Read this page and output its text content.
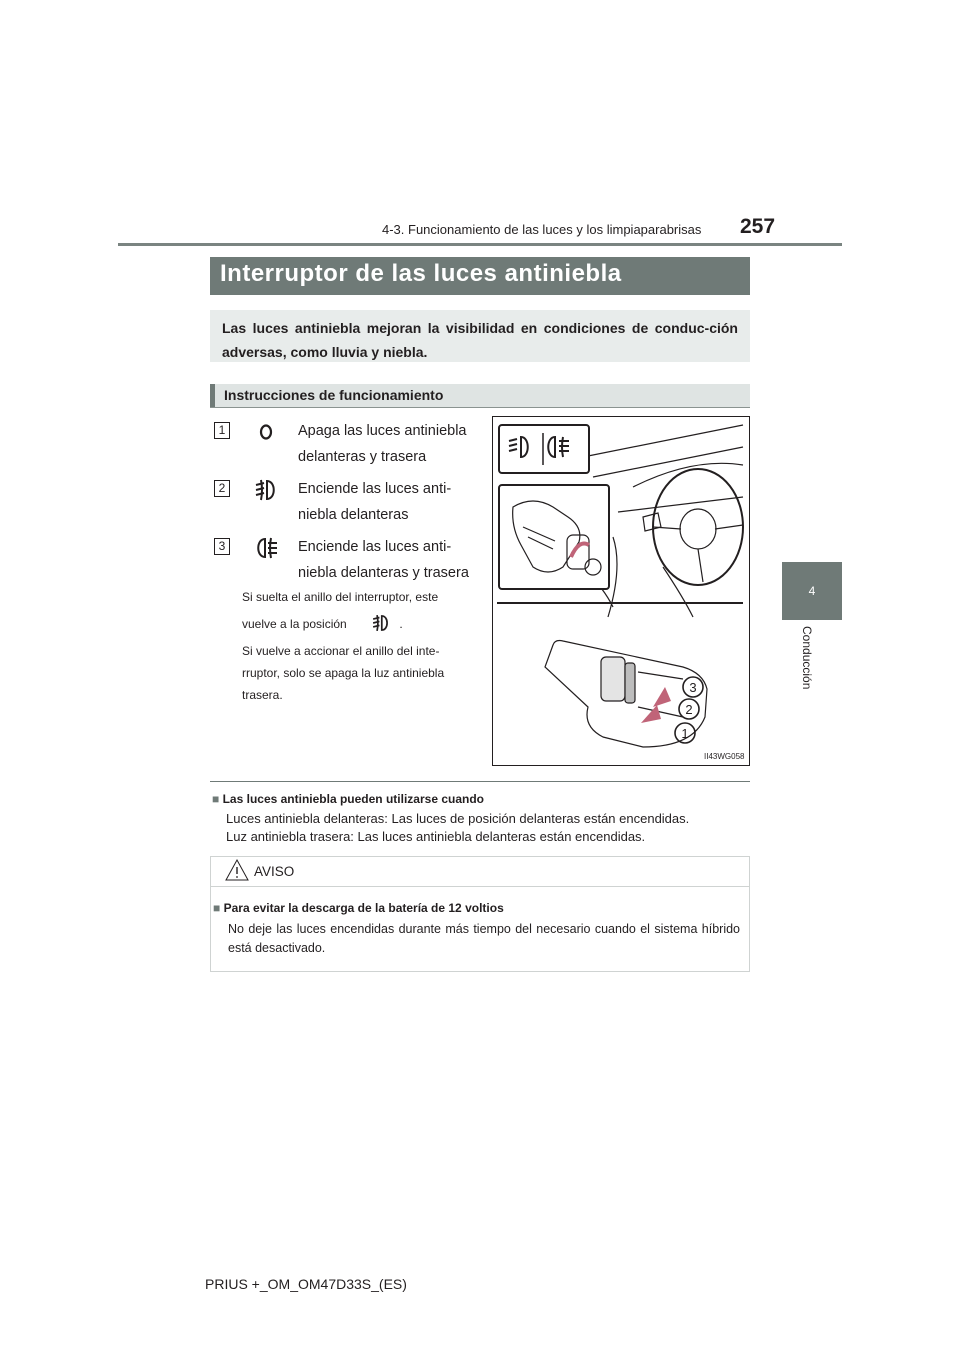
4-3. Funcionamiento de las luces y los limpiaparabrisas 257
4
Conducción
Interruptor de las luces antiniebla
Las luces antiniebla mejoran la visibilidad en condiciones de conduc-ción adversas, como lluvia y niebla.
Instrucciones de funcionamiento
1	Apaga las luces antiniebla
delanteras y trasera
2	Enciende las luces anti-
niebla delanteras
3	Enciende las luces anti-
niebla delanteras y trasera
Si suelta el anillo del interruptor, este
vuelve a la posición	.
Si vuelve a accionar el anillo del inte-
rruptor, solo se apaga la luz antiniebla
trasera.	3
2
1
II43WG058
■ Las luces antiniebla pueden utilizarse cuando
Luces antiniebla delanteras: Las luces de posición delanteras están encendidas.
Luz antiniebla trasera: Las luces antiniebla delanteras están encendidas.
AVISO
■ Para evitar la descarga de la batería de 12 voltios
No deje las luces encendidas durante más tiempo del necesario cuando el sistema híbrido está desactivado.
PRIUS +_OM_OM47D33S_(ES)
